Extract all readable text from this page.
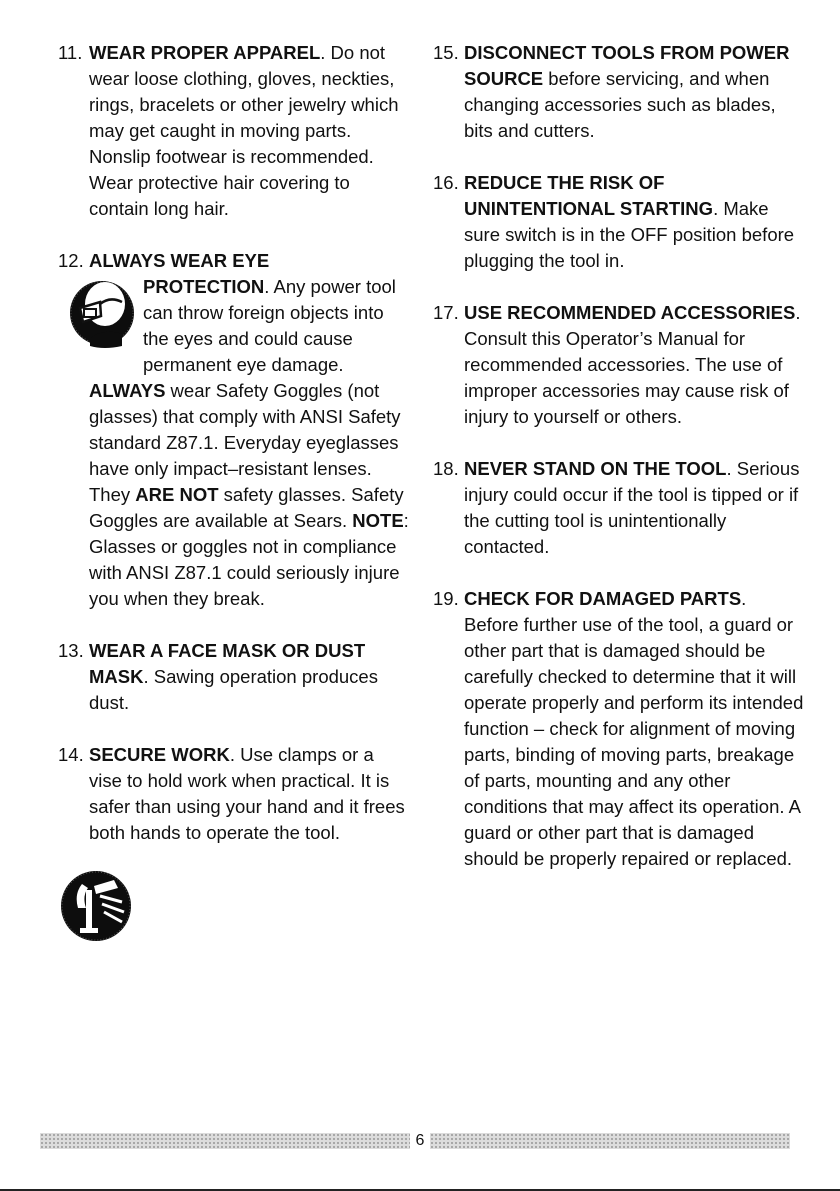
11. WEAR PROPER APPAREL. Do not wear loose clothing, gloves, neckties, rings, bracelets or other jewelry which may get caught in moving parts. Nonslip footwear is recommended. Wear protective hair covering to contain long hair.

12. ALWAYS WEAR EYE

PROTECTION. Any power tool can throw foreign objects into the eyes and could cause permanent eye damage. ALWAYS wear Safety Goggles (not glasses) that comply with ANSI Safety standard Z87.1. Everyday eyeglasses have only impact–resistant lenses. They ARE NOT safety glasses. Safety Goggles are available at Sears. NOTE: Glasses or goggles not in compliance with ANSI Z87.1 could seriously injure you when they break.

13. WEAR A FACE MASK OR DUST MASK. Sawing operation produces dust.

14. SECURE WORK. Use clamps or a vise to hold work when practical. It is safer than using your hand and it frees both hands to operate the tool.

15. DISCONNECT TOOLS FROM POWER SOURCE before servicing, and when changing accessories such as blades, bits and cutters.

16. REDUCE THE RISK OF UNINTENTIONAL STARTING. Make sure switch is in the OFF position before plugging the tool in.

17. USE RECOMMENDED ACCESSORIES. Consult this Operator’s Manual for recommended accessories. The use of improper accessories may cause risk of injury to yourself or others.

18. NEVER STAND ON THE TOOL. Serious injury could occur if the tool is tipped or if the cutting tool is unintentionally contacted.

19. CHECK FOR DAMAGED PARTS. Before further use of the tool, a guard or other part that is damaged should be carefully checked to determine that it will operate properly and perform its intended function – check for alignment of moving parts, binding of moving parts, breakage of parts, mounting and any other conditions that may affect its operation. A guard or other part that is damaged should be properly repaired or replaced.

6
